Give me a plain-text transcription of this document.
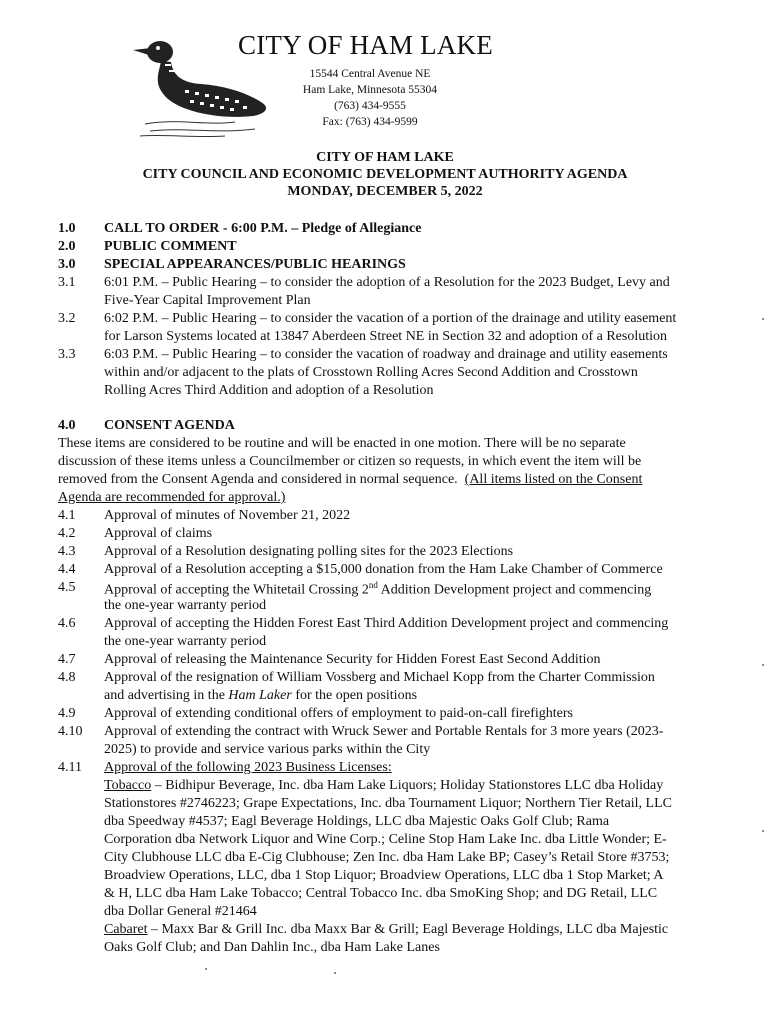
CITY OF HAM LAKE
15544 Central Avenue NE
Ham Lake, Minnesota 55304
(763) 434-9555
Fax: (763) 434-9599
CITY OF HAM LAKE
CITY COUNCIL AND ECONOMIC DEVELOPMENT AUTHORITY AGENDA
MONDAY, DECEMBER 5, 2022
1.0 CALL TO ORDER - 6:00 P.M. – Pledge of Allegiance
2.0 PUBLIC COMMENT
3.0 SPECIAL APPEARANCES/PUBLIC HEARINGS
3.1 6:01 P.M. – Public Hearing – to consider the adoption of a Resolution for the 2023 Budget, Levy and
Five-Year Capital Improvement Plan
3.2 6:02 P.M. – Public Hearing – to consider the vacation of a portion of the drainage and utility easement
for Larson Systems located at 13847 Aberdeen Street NE in Section 32 and adoption of a Resolution
3.3 6:03 P.M. – Public Hearing – to consider the vacation of roadway and drainage and utility easements
within and/or adjacent to the plats of Crosstown Rolling Acres Second Addition and Crosstown
Rolling Acres Third Addition and adoption of a Resolution
4.0 CONSENT AGENDA
These items are considered to be routine and will be enacted in one motion. There will be no separate
discussion of these items unless a Councilmember or citizen so requests, in which event the item will be
removed from the Consent Agenda and considered in normal sequence.  (All items listed on the Consent
Agenda are recommended for approval.)
4.1 Approval of minutes of November 21, 2022
4.2 Approval of claims
4.3 Approval of a Resolution designating polling sites for the 2023 Elections
4.4 Approval of a Resolution accepting a $15,000 donation from the Ham Lake Chamber of Commerce
4.5 Approval of accepting the Whitetail Crossing 2nd Addition Development project and commencing
the one-year warranty period
4.6 Approval of accepting the Hidden Forest East Third Addition Development project and commencing
the one-year warranty period
4.7 Approval of releasing the Maintenance Security for Hidden Forest East Second Addition
4.8 Approval of the resignation of William Vossberg and Michael Kopp from the Charter Commission
and advertising in the Ham Laker for the open positions
4.9 Approval of extending conditional offers of employment to paid-on-call firefighters
4.10 Approval of extending the contract with Wruck Sewer and Portable Rentals for 3 more years (2023-
2025) to provide and service various parks within the City
4.11 Approval of the following 2023 Business Licenses:
Tobacco – Bidhipur Beverage, Inc. dba Ham Lake Liquors; Holiday Stationstores LLC dba Holiday
Stationstores #2746223; Grape Expectations, Inc. dba Tournament Liquor; Northern Tier Retail, LLC
dba Speedway #4537; Eagl Beverage Holdings, LLC dba Majestic Oaks Golf Club; Rama
Corporation dba Network Liquor and Wine Corp.; Celine Stop Ham Lake Inc. dba Little Wonder; E-
City Clubhouse LLC dba E-Cig Clubhouse; Zen Inc. dba Ham Lake BP; Casey’s Retail Store #3753;
Broadview Operations, LLC, dba 1 Stop Liquor; Broadview Operations, LLC dba 1 Stop Market; A
& H, LLC dba Ham Lake Tobacco; Central Tobacco Inc. dba SmoKing Shop; and DG Retail, LLC
dba Dollar General #21464
Cabaret – Maxx Bar & Grill Inc. dba Maxx Bar & Grill; Eagl Beverage Holdings, LLC dba Majestic
Oaks Golf Club; and Dan Dahlin Inc., dba Ham Lake Lanes
